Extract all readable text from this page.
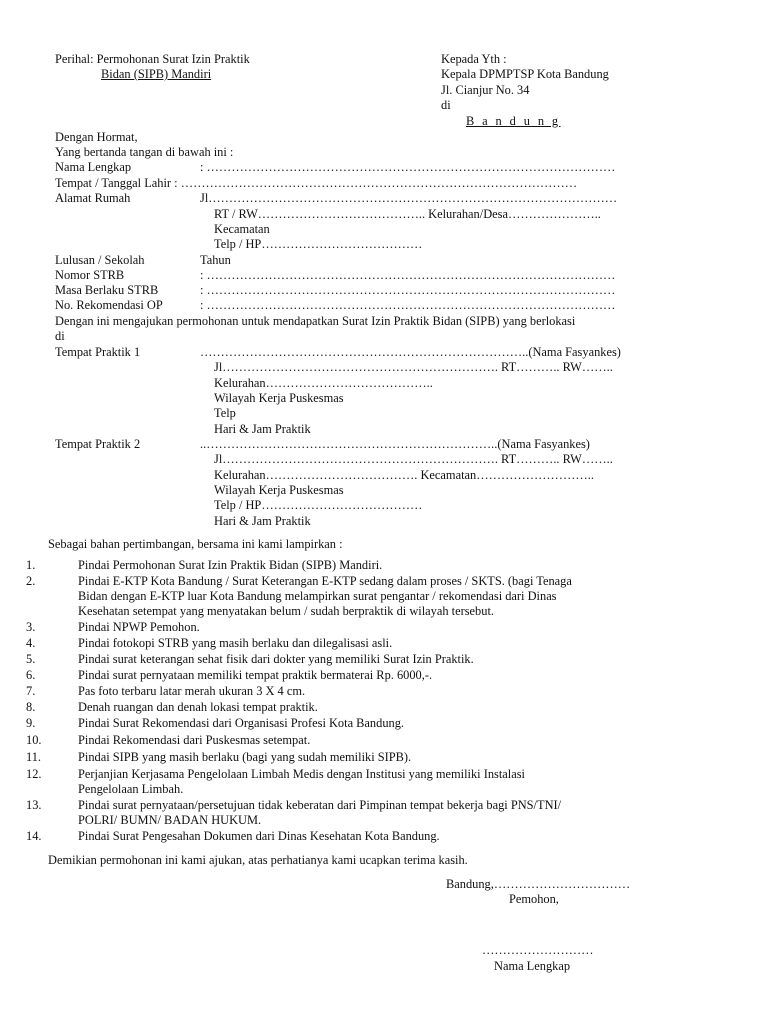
Perihal: Permohonan Surat Izin Praktik
Bidan (SIPB) Mandiri
Kepada Yth :
Kepala DPMPTSP Kota Bandung
Jl. Cianjur No. 34
di
B a n d u n g
Dengan Hormat,
Yang bertanda tangan di bawah ini :
Nama Lengkap	: ………………………………………………………………………………………
Tempat / Tanggal Lahir : ……………………………………………………………………………………
Alamat Rumah	Jl………………………………………………………………………………………
RT / RW………………………………….. Kelurahan/Desa…………………..
Kecamatan
Telp / HP…………………………………
Lulusan / Sekolah	Tahun
Nomor STRB	: ………………………………………………………………………………………
Masa Berlaku STRB	: ………………………………………………………………………………………
No. Rekomendasi OP	: ………………………………………………………………………………………
Dengan ini mengajukan permohonan untuk mendapatkan Surat Izin Praktik Bidan (SIPB) yang berlokasi
di
Tempat Praktik 1	……………………………………………………………………..(Nama Fasyankes)
Jl…………………………………………………………. RT……….. RW……..
Kelurahan…………………………………..
Wilayah Kerja Puskesmas
Telp
Hari & Jam Praktik
Tempat Praktik 2	..……………………………………………………………..(Nama Fasyankes)
Jl…………………………………………………………. RT……….. RW……..
Kelurahan………………………………. Kecamatan………………………..
Wilayah Kerja Puskesmas
Telp / HP…………………………………
Hari & Jam Praktik
Sebagai bahan pertimbangan, bersama ini kami lampirkan :
1.	Pindai Permohonan Surat Izin Praktik Bidan (SIPB) Mandiri.
2.	Pindai E-KTP Kota Bandung / Surat Keterangan E-KTP sedang dalam proses / SKTS. (bagi Tenaga
Bidan dengan E-KTP luar Kota Bandung melampirkan surat pengantar / rekomendasi dari Dinas
Kesehatan setempat yang menyatakan belum / sudah berpraktik di wilayah tersebut.
3.	Pindai NPWP Pemohon.
4.	Pindai fotokopi STRB yang masih berlaku dan dilegalisasi asli.
5.	Pindai surat keterangan sehat fisik dari dokter yang memiliki Surat Izin Praktik.
6.	Pindai surat pernyataan memiliki tempat praktik bermaterai Rp. 6000,-.
7.	Pas foto terbaru latar merah ukuran 3 X 4 cm.
8.	Denah ruangan dan denah lokasi tempat praktik.
9.	Pindai Surat Rekomendasi dari Organisasi Profesi Kota Bandung.
10.	Pindai Rekomendasi dari Puskesmas setempat.
11.	Pindai SIPB yang masih berlaku (bagi yang sudah memiliki SIPB).
12.	Perjanjian Kerjasama Pengelolaan Limbah Medis dengan Institusi yang memiliki Instalasi
Pengelolaan Limbah.
13.	Pindai surat pernyataan/persetujuan tidak keberatan dari Pimpinan tempat bekerja bagi PNS/TNI/
POLRI/ BUMN/ BADAN HUKUM.
14.	Pindai Surat Pengesahan Dokumen dari Dinas Kesehatan Kota Bandung.
Demikian permohonan ini kami ajukan, atas perhatianya kami ucapkan terima kasih.
Bandung,……………………………
Pemohon,
………………………
Nama Lengkap
